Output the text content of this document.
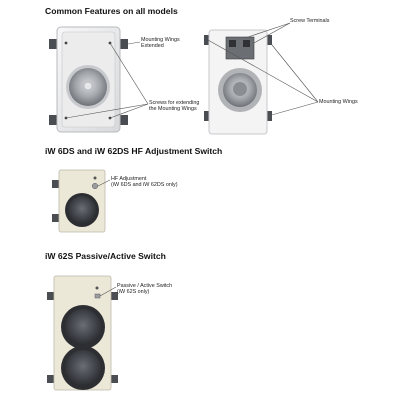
Common Features on all models
iW 6DS and iW 62DS HF Adjustment Switch
iW 62S Passive/Active Switch
Mounting Wings
Extended
Screws for extending
the Mounting Wings
Screw Terminals
Mounting Wings
HF Adjustment
(iW 6DS and iW 62DS only)
Passive / Active Switch
(iW 62S only)
